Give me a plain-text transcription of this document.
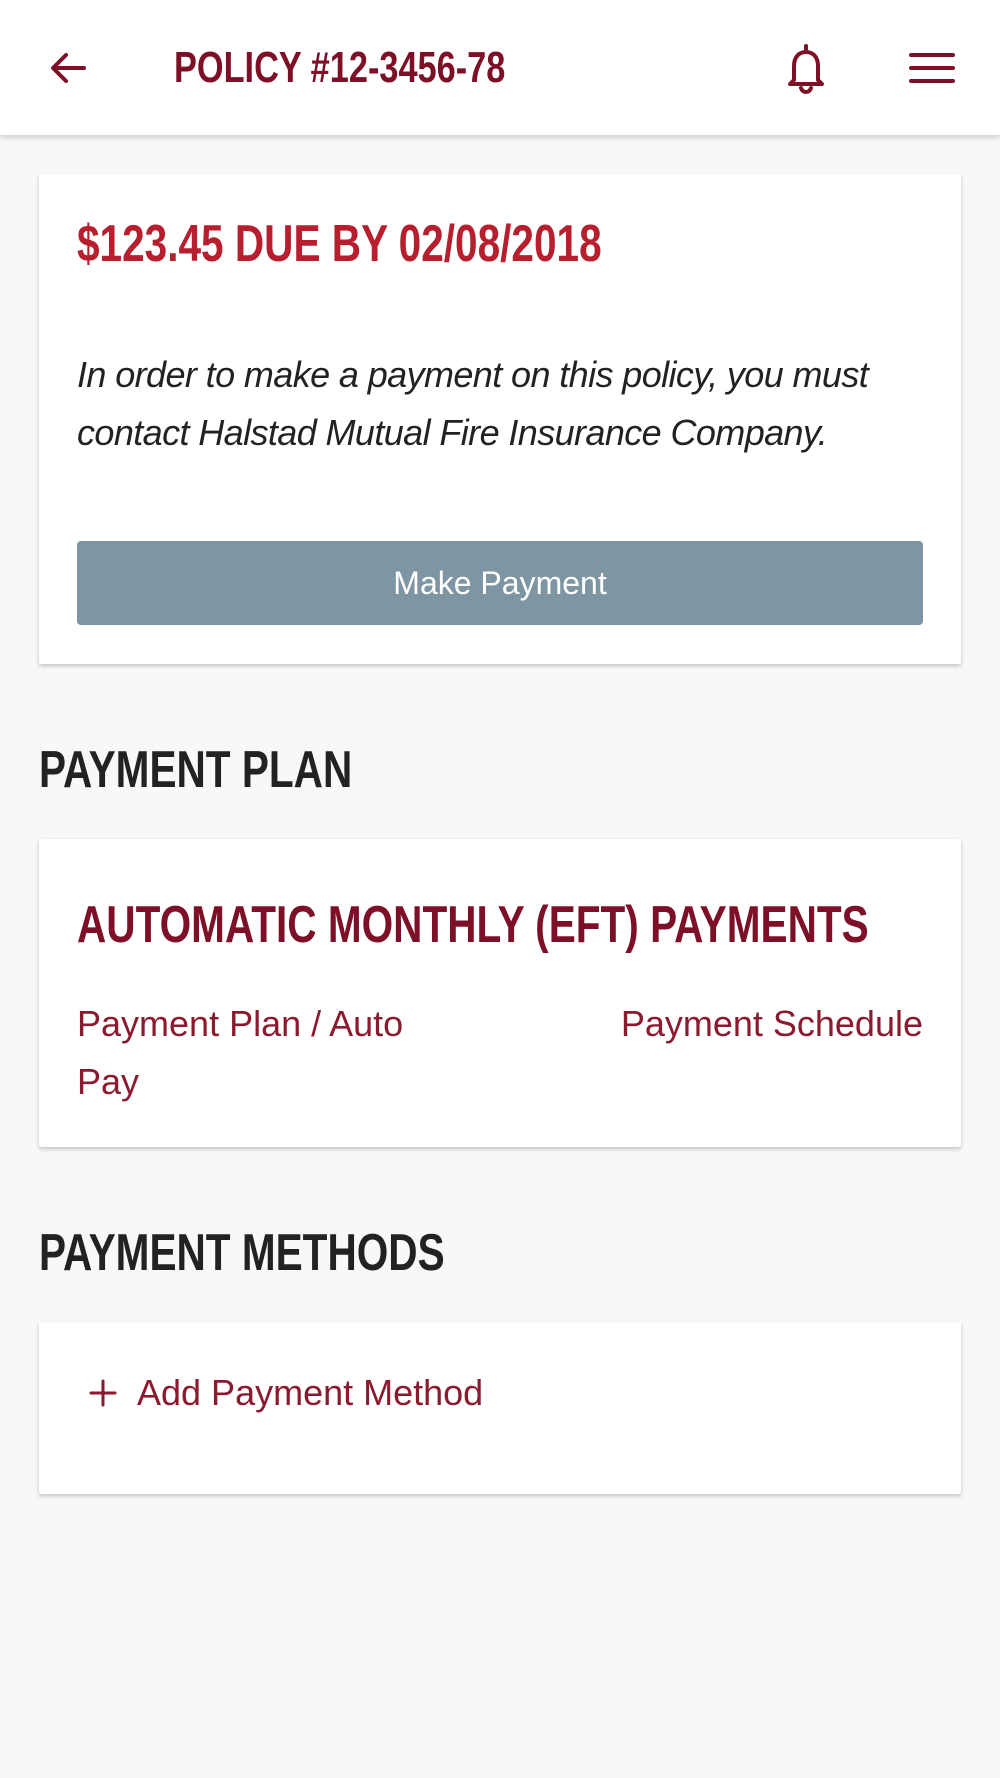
POLICY #12-3456-78
$123.45 DUE BY 02/08/2018

In order to make a payment on this policy, you must contact Halstad Mutual Fire Insurance Company.

Make Payment
PAYMENT PLAN
AUTOMATIC MONTHLY (EFT) PAYMENTS
Payment Plan / Auto Pay
Payment Schedule
PAYMENT METHODS
Add Payment Method
